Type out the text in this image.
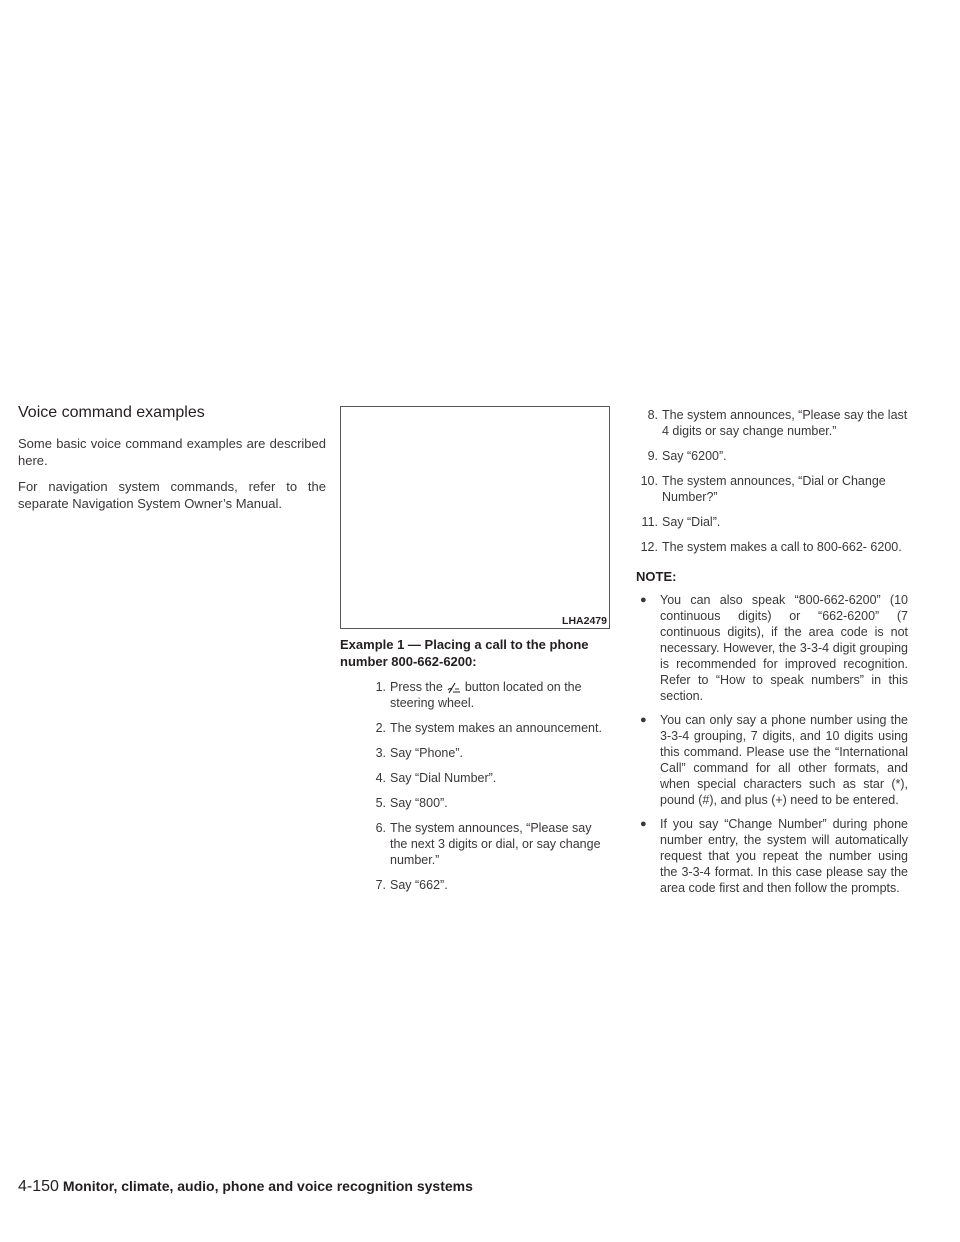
Voice command examples

Some basic voice command examples are described here.

For navigation system commands, refer to the separate Navigation System Owner’s Manual.

LHA2479
Example 1 — Placing a call to the phone number 800-662-6200:
1. Press the button located on the steering wheel.
2. The system makes an announcement.
3. Say “Phone”.
4. Say “Dial Number”.
5. Say “800”.
6. The system announces, “Please say the next 3 digits or dial, or say change number.”
7. Say “662”.
8. The system announces, “Please say the last 4 digits or say change number.”
9. Say “6200”.
10. The system announces, “Dial or Change Number?”
11. Say “Dial”.
12. The system makes a call to 800-662- 6200.
NOTE:
● You can also speak “800-662-6200” (10 continuous digits) or “662-6200” (7 continuous digits), if the area code is not necessary. However, the 3-3-4 digit grouping is recommended for improved recognition. Refer to “How to speak numbers” in this section.
● You can only say a phone number using the 3-3-4 grouping, 7 digits, and 10 digits using this command. Please use the “International Call” command for all other formats, and when special characters such as star (*), pound (#), and plus (+) need to be entered.
● If you say “Change Number” during phone number entry, the system will automatically request that you repeat the number using the 3-3-4 format. In this case please say the area code first and then follow the prompts.
4-150 Monitor, climate, audio, phone and voice recognition systems
